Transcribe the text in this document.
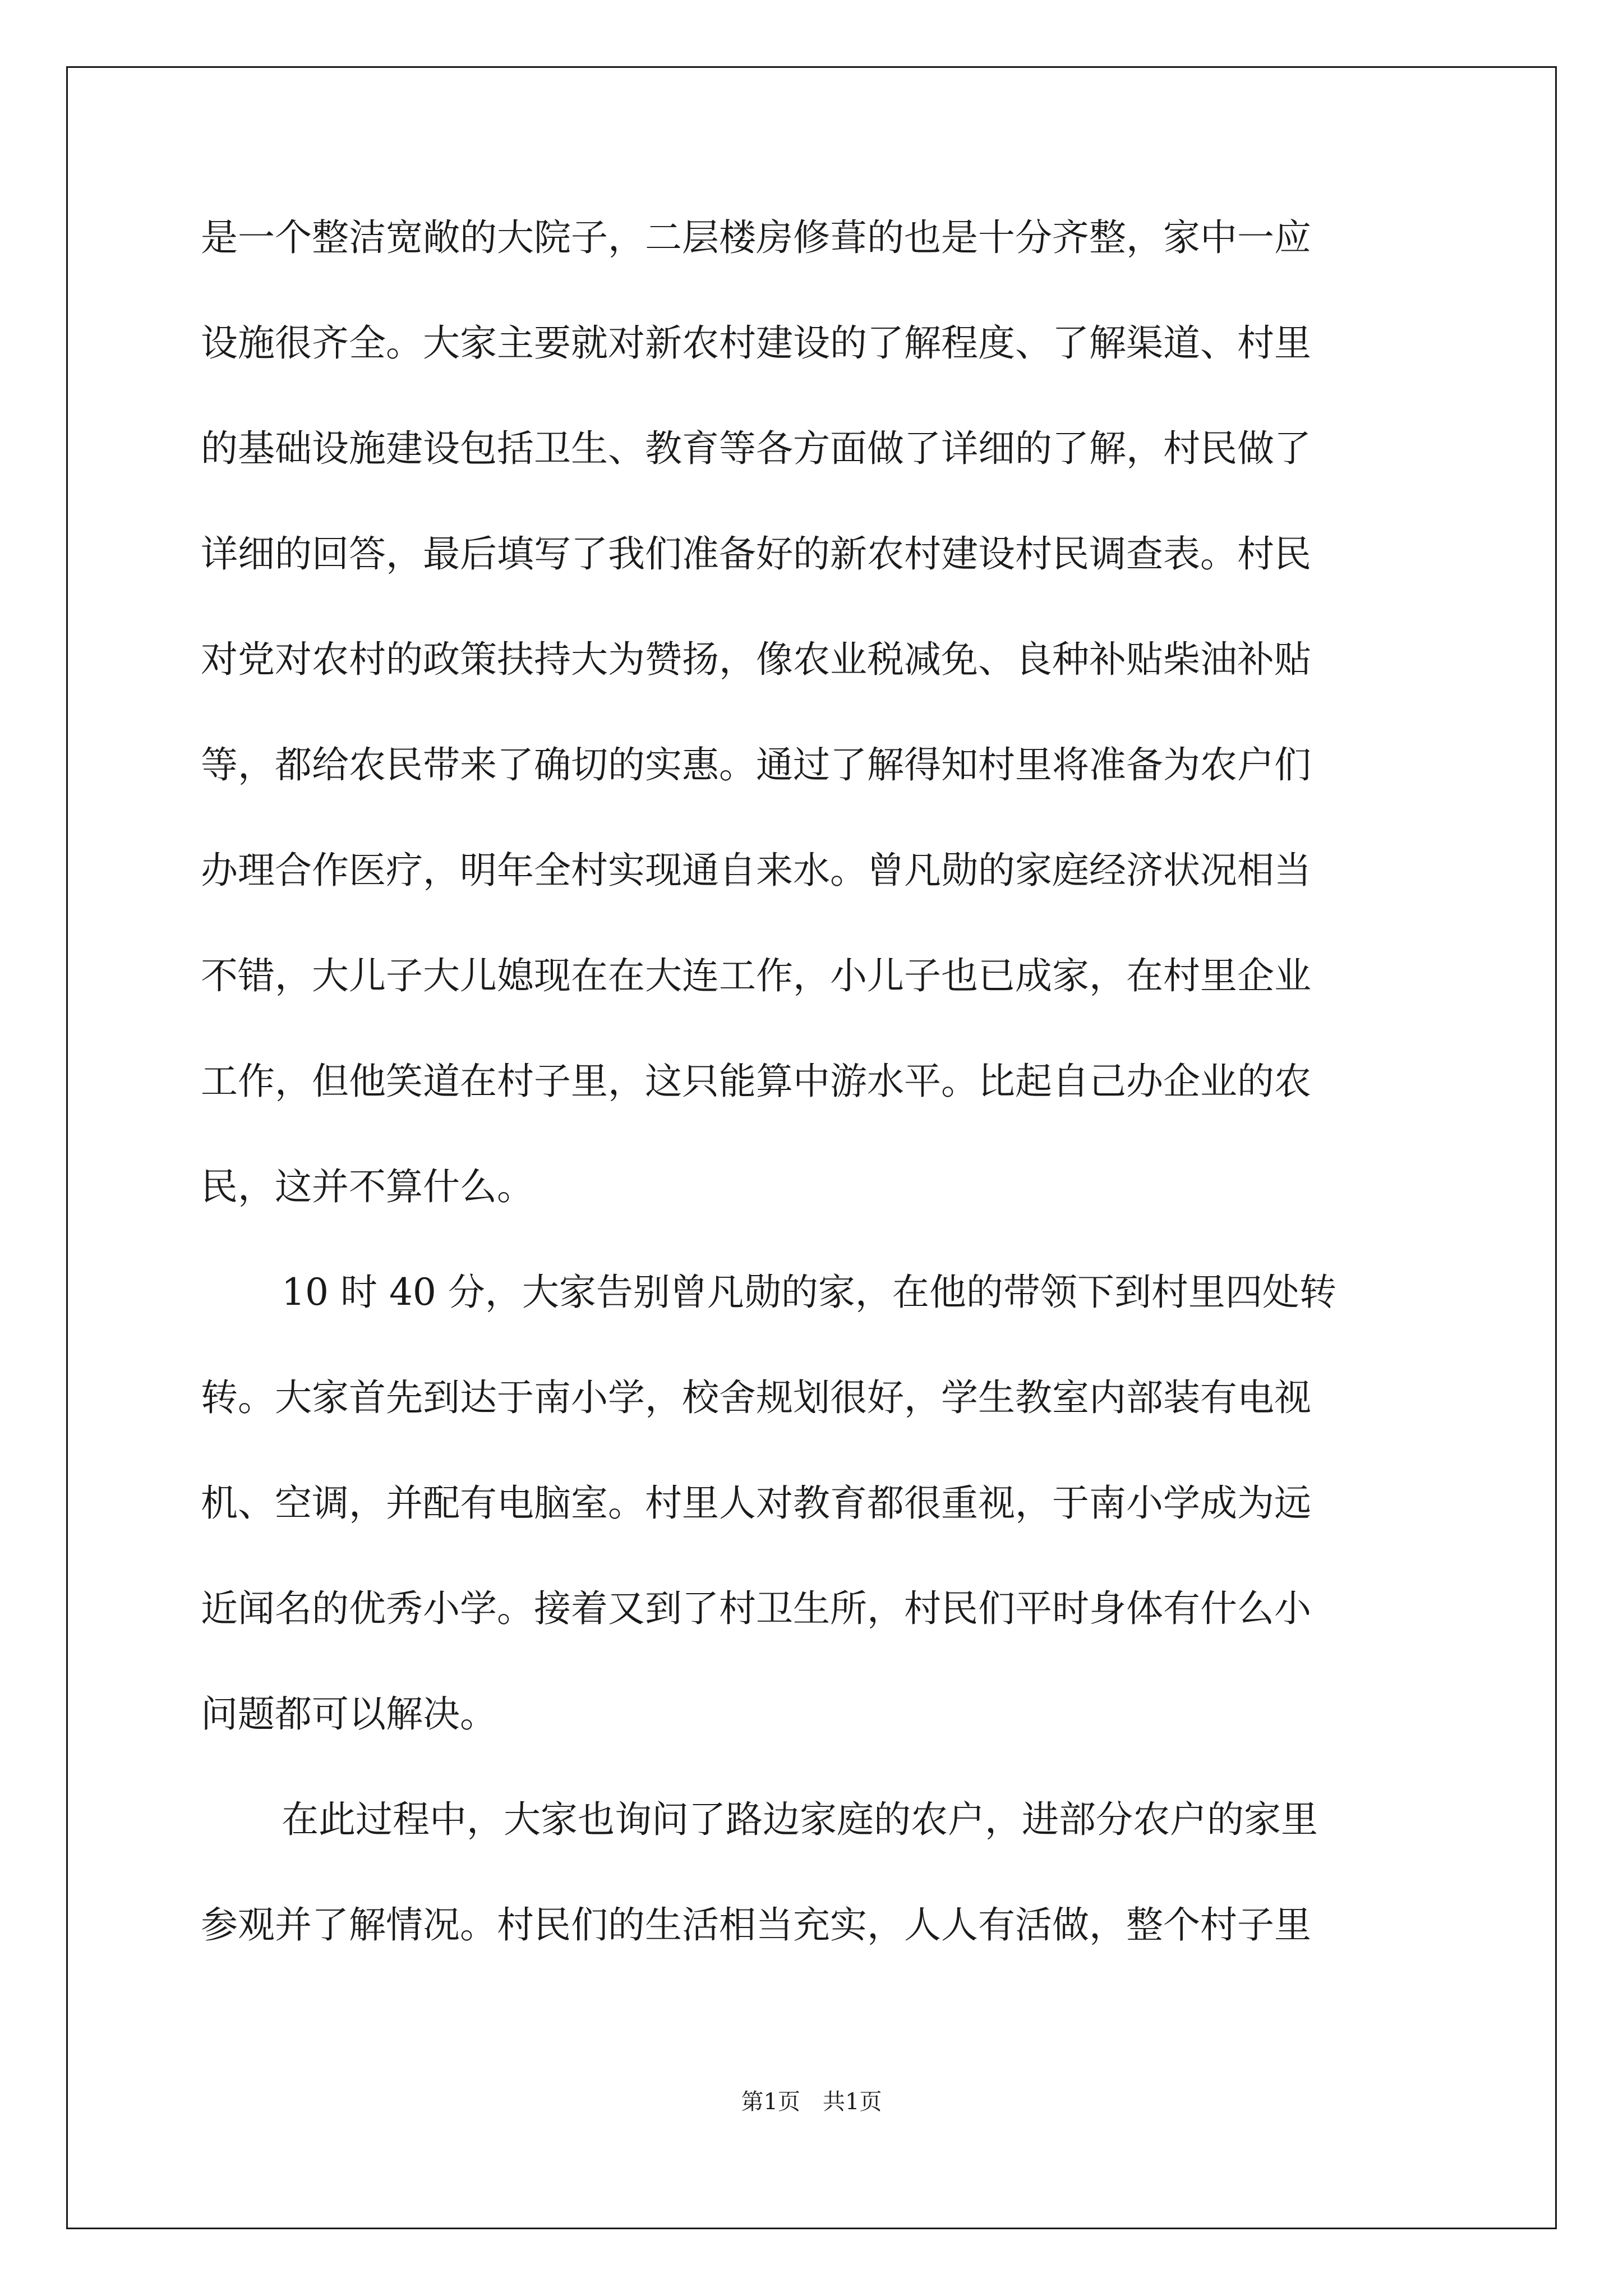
是一个整洁宽敞的大院子，二层楼房修葺的也是十分齐整，家中一应
设施很齐全。大家主要就对新农村建设的了解程度、了解渠道、村里
的基础设施建设包括卫生、教育等各方面做了详细的了解，村民做了
详细的回答，最后填写了我们准备好的新农村建设村民调查表。村民
对党对农村的政策扶持大为赞扬，像农业税减免、良种补贴柴油补贴
等，都给农民带来了确切的实惠。通过了解得知村里将准备为农户们
办理合作医疗，明年全村实现通自来水。曾凡勋的家庭经济状况相当
不错，大儿子大儿媳现在在大连工作，小儿子也已成家，在村里企业
工作，但他笑道在村子里，这只能算中游水平。比起自己办企业的农
民，这并不算什么。
10 时 40 分，大家告别曾凡勋的家，在他的带领下到村里四处转
转。大家首先到达于南小学，校舍规划很好，学生教室内部装有电视
机、空调，并配有电脑室。村里人对教育都很重视，于南小学成为远
近闻名的优秀小学。接着又到了村卫生所，村民们平时身体有什么小
问题都可以解决。
在此过程中，大家也询问了路边家庭的农户，进部分农户的家里
参观并了解情况。村民们的生活相当充实，人人有活做，整个村子里
第1页 共1页
